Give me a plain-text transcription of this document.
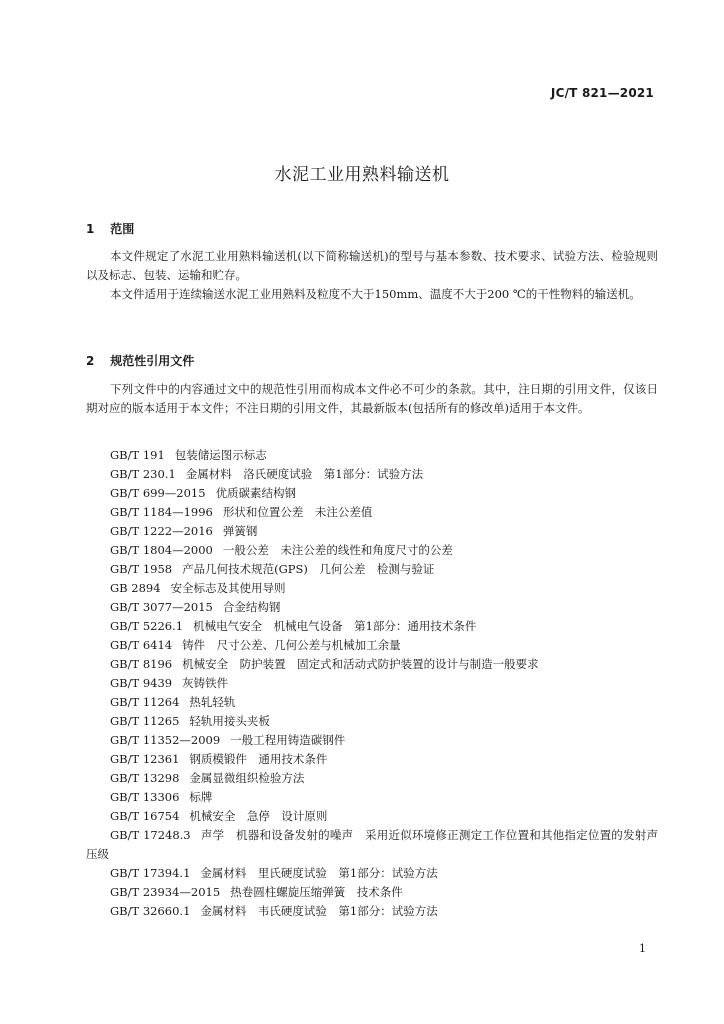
JC/T 821—2021
水泥工业用熟料输送机
1 范围

本文件规定了水泥工业用熟料输送机(以下简称输送机)的型号与基本参数、技术要求、试验方法、检验规则以及标志、包装、运输和贮存。

本文件适用于连续输送水泥工业用熟料及粒度不大于150mm、温度不大于200 ℃的干性物料的输送机。

2 规范性引用文件

下列文件中的内容通过文中的规范性引用而构成本文件必不可少的条款。其中，注日期的引用文件，仅该日期对应的版本适用于本文件；不注日期的引用文件，其最新版本(包括所有的修改单)适用于本文件。

GB/T 191 包装储运图示标志
GB/T 230.1 金属材料　洛氏硬度试验　第1部分：试验方法
GB/T 699—2015 优质碳素结构钢
GB/T 1184—1996 形状和位置公差　未注公差值
GB/T 1222—2016 弹簧钢
GB/T 1804—2000 一般公差　未注公差的线性和角度尺寸的公差
GB/T 1958 产品几何技术规范(GPS)　几何公差　检测与验证
GB 2894 安全标志及其使用导则
GB/T 3077—2015 合金结构钢
GB/T 5226.1 机械电气安全　机械电气设备　第1部分：通用技术条件
GB/T 6414 铸件　尺寸公差、几何公差与机械加工余量
GB/T 8196 机械安全　防护装置　固定式和活动式防护装置的设计与制造一般要求
GB/T 9439 灰铸铁件
GB/T 11264 热轧轻轨
GB/T 11265 轻轨用接头夹板
GB/T 11352—2009 一般工程用铸造碳钢件
GB/T 12361 钢质模锻件　通用技术条件
GB/T 13298 金属显微组织检验方法
GB/T 13306 标牌
GB/T 16754 机械安全　急停　设计原则
GB/T 17248.3 声学　机器和设备发射的噪声　采用近似环境修正测定工作位置和其他指定位置的发射声压级
GB/T 17394.1 金属材料　里氏硬度试验　第1部分：试验方法
GB/T 23934—2015 热卷圆柱螺旋压缩弹簧　技术条件
GB/T 32660.1 金属材料　韦氏硬度试验　第1部分：试验方法
1
